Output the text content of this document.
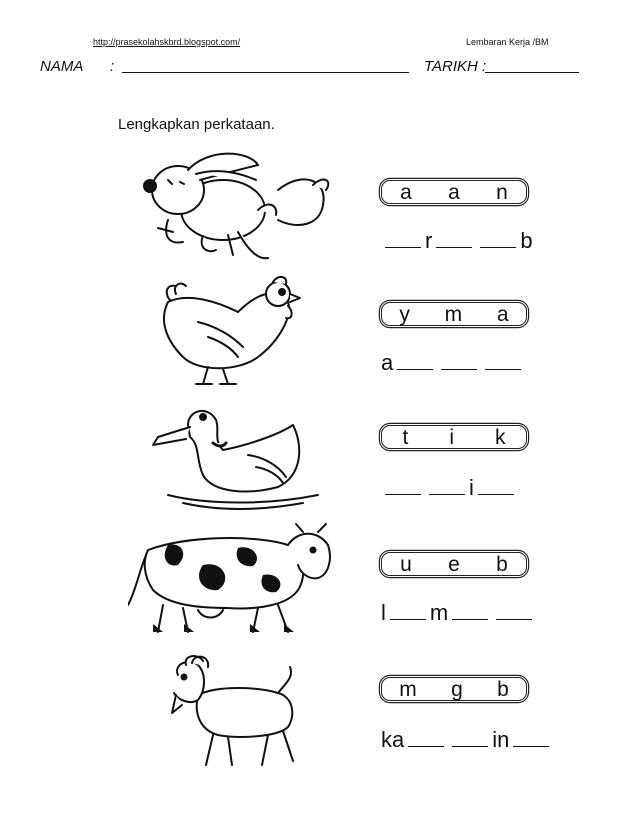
http://prasekolahskbrd.blogspot.com/	Lembaran Kerja /BM
NAMA :	TARIKH :
Lengkapkan perkataan.
a a n
r	b
y m a
a
t i k
i
u e b
l m
m g b
ka	in
